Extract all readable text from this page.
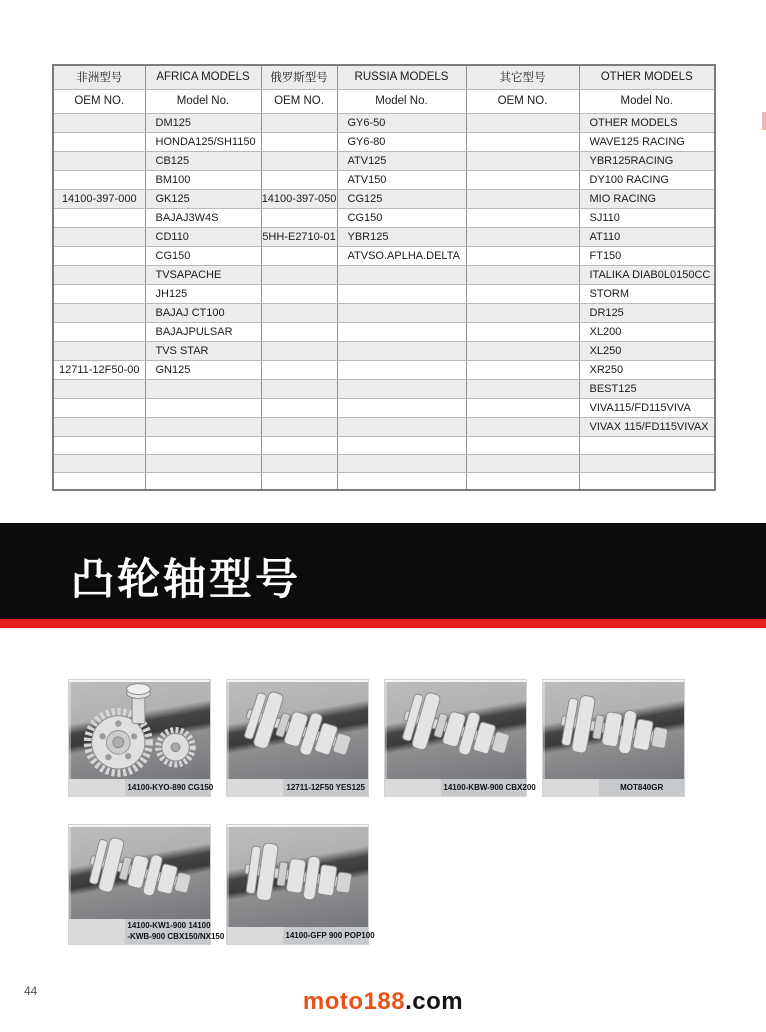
非洲型号	AFRICA MODELS	俄罗斯型号	RUSSIA MODELS	其它型号	OTHER MODELS
OEM NO.	Model No.	OEM NO.	Model No.	OEM NO.	Model No.
	DM125		GY6-50		OTHER MODELS
	HONDA125/SH1150		GY6-80		WAVE125 RACING
	CB125		ATV125		YBR125RACING
	BM100		ATV150		DY100 RACING
14100-397-000	GK125	14100-397-050	CG125		MIO RACING
	BAJAJ3W4S		CG150		SJ110
	CD110	5HH-E2710-01	YBR125		AT110
	CG150		ATVSO.APLHA.DELTA		FT150
	TVSAPACHE				ITALIKA DIAB0L0150CC
	JH125				STORM
	BAJAJ CT100				DR125
	BAJAJPULSAR				XL200
	TVS STAR				XL250
12711-12F50-00	GN125				XR250
					BEST125
					VIVA115/FD115VIVA
					VIVAX 115/FD115VIVAX

凸轮轴型号
14100-KYO-890 CG150	12711-12F50 YES125	14100-KBW-900 CBX200	MOT840GR
14100-KW1-900 14100
-KWB-900 CBX150/NX150	14100-GFP 900 POP100
44	moto188.com
